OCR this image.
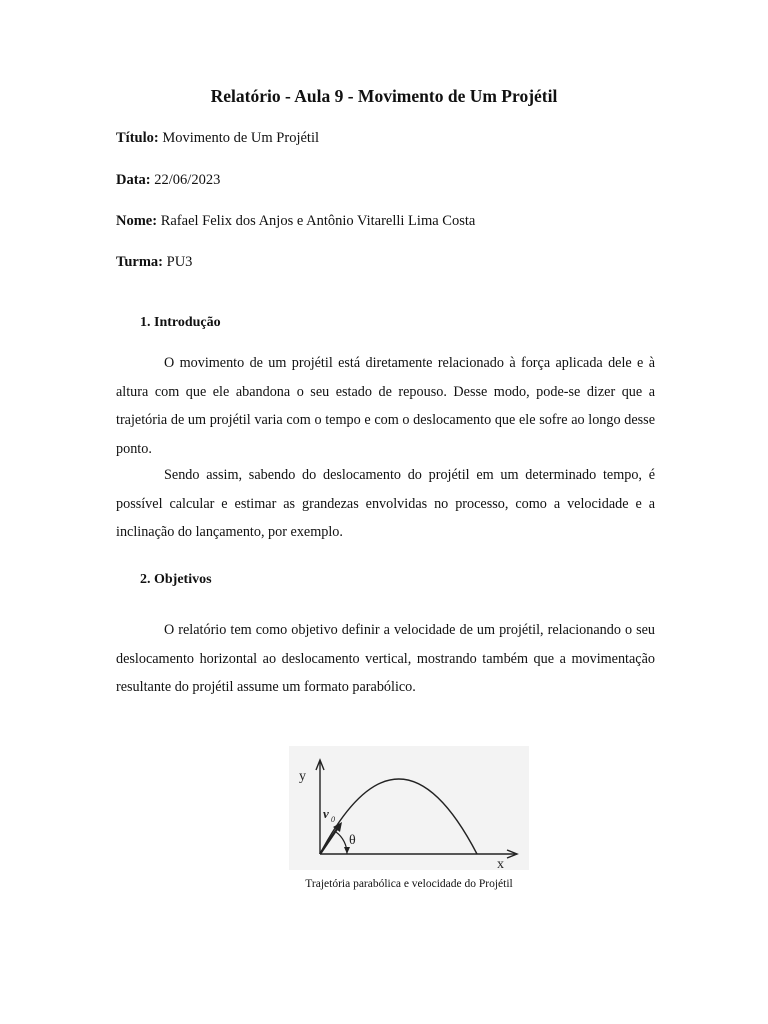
Relatório - Aula 9 - Movimento de Um Projétil
Título: Movimento de Um Projétil
Data: 22/06/2023
Nome: Rafael Felix dos Anjos e Antônio Vitarelli Lima Costa
Turma: PU3
1. Introdução

O movimento de um projétil está diretamente relacionado à força aplicada dele e à altura com que ele abandona o seu estado de repouso. Desse modo, pode-se dizer que a trajetória de um projétil varia com o tempo e com o deslocamento que ele sofre ao longo desse ponto.

Sendo assim, sabendo do deslocamento do projétil em um determinado tempo, é possível calcular e estimar as grandezas envolvidas no processo, como a velocidade e a inclinação do lançamento, por exemplo.

2. Objetivos

O relatório tem como objetivo definir a velocidade de um projétil, relacionando o seu deslocamento horizontal ao deslocamento vertical, mostrando também que a movimentação resultante do projétil assume um formato parabólico.

y
x
v 0
θ
Trajetória parabólica e velocidade do Projétil
